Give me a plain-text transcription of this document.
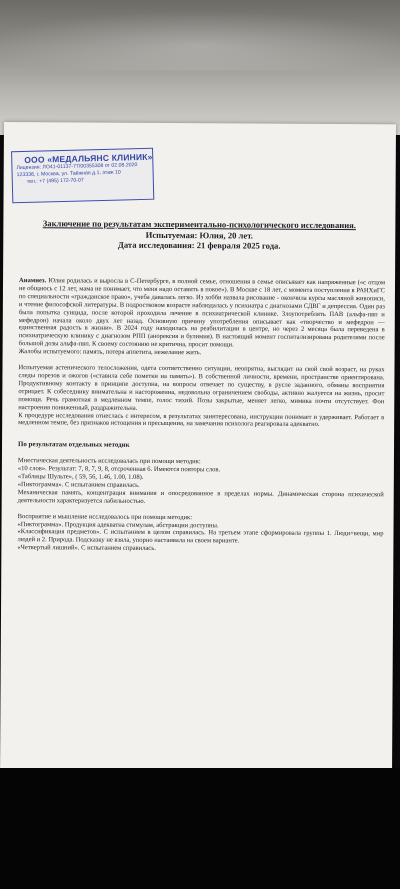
ООО «МЕДАЛЬЯНС КЛИНИК»
Лицензия: ЛО41-01137-77/00355308 от 02.08.2020
123336, г. Москва, ул. Таёжная д.1, этаж 10
тел.: +7 (495) 172-70-07
Заключение по результатам экспериментально-психологического исследования.
Испытуемая: Юлия, 20 лет.
Дата исследования: 21 февраля 2025 года.

Анамнез. Юлия родилась и выросла в С-Петербурге, в полной семье, отношения в семье описывает как напряженные («с отцом не общаюсь с 12 лет, мама не понимает, что меня надо оставить в покое»). В Москве с 18 лет, с момента поступления в РАНХиГС по специальности «гражданское право», учеба давалась легко. Из хобби назвала рисование - окончила курсы масляной живописи, и чтение философской литературы. В подростковом возрасте наблюдалась у психиатра с диагнозами СДВГ и депрессия. Один раз была попытка суицида, после которой проходила лечение в психиатрической клинике. Злоупотреблять ПАВ (альфа-пвп и мефедрон) начала около двух лет назад. Основную причину употребления описывает как «творчество и мефедрон — единственная радость в жизни». В 2024 году находилась на реабилитации в центре, но через 2 месяца была переведена в психиатрическую клинику с диагнозом РПП (анорексия и булимия). В настоящий момент госпитализирована родителями после большой дозы альфа-пвп. К своему состоянию не критична, просит помощи.

Жалобы испытуемого: память, потеря аппетита, нежелание жить.

Испытуемая астенического телосложения, одета соответственно ситуации, неопрятна, выглядит на свой свой возраст, на руках следы порезов и ожогов («ставила себе пометки на память»). В собственной личности, времени, пространстве ориентирована. Продуктивному контакту в принципе доступна, на вопросы отвечает по существу, в русле заданного, обманы восприятия отрицает. К собеседнику внимательна и настороженна, недовольна ограничением свободы, активно жалуется на жизнь, просит помощи. Речь грамотная в медленном темпе, голос тихий. Позы закрытые, меняет легко, мимика почти отсутствует. Фон настроения пониженный, раздражительна.

К процедуре исследования отнеслась с интересом, в результатах заинтересована, инструкции понимает и удерживает. Работает в медленном темпе, без признаков истощения и пресыщения, на замечания психолога реагировала адекватно.

По результатам отдельных методик

Мнестическая деятельность исследовалась при помощи методик:

«10 слов». Результат: 7, 8, 7, 9, 8, отсроченная 6. Имеются повторы слов.

«Таблицы Шульте», ( 59, 56, 1.46, 1.00, 1.08).

«Пиктограмма». С испытанием справилась.

Механическая память, концентрация внимания и опосредованное в пределах нормы. Динамическая сторона психической деятельности характеризуется лабильностью.

Восприятие и мышление исследовалось при помощи методик:

«Пиктограмма». Продукция адекватна стимулам, абстракции доступны.

«Классификация предметов». С испытанием в целом справилась. На третьем этапе сформировала группы 1. Люди+вещи, мир людей и 2. Природа. Подсказку не взяла, упорно настаивала на своем варианте.

«Четвертый лишний». С испытанием справилась.
